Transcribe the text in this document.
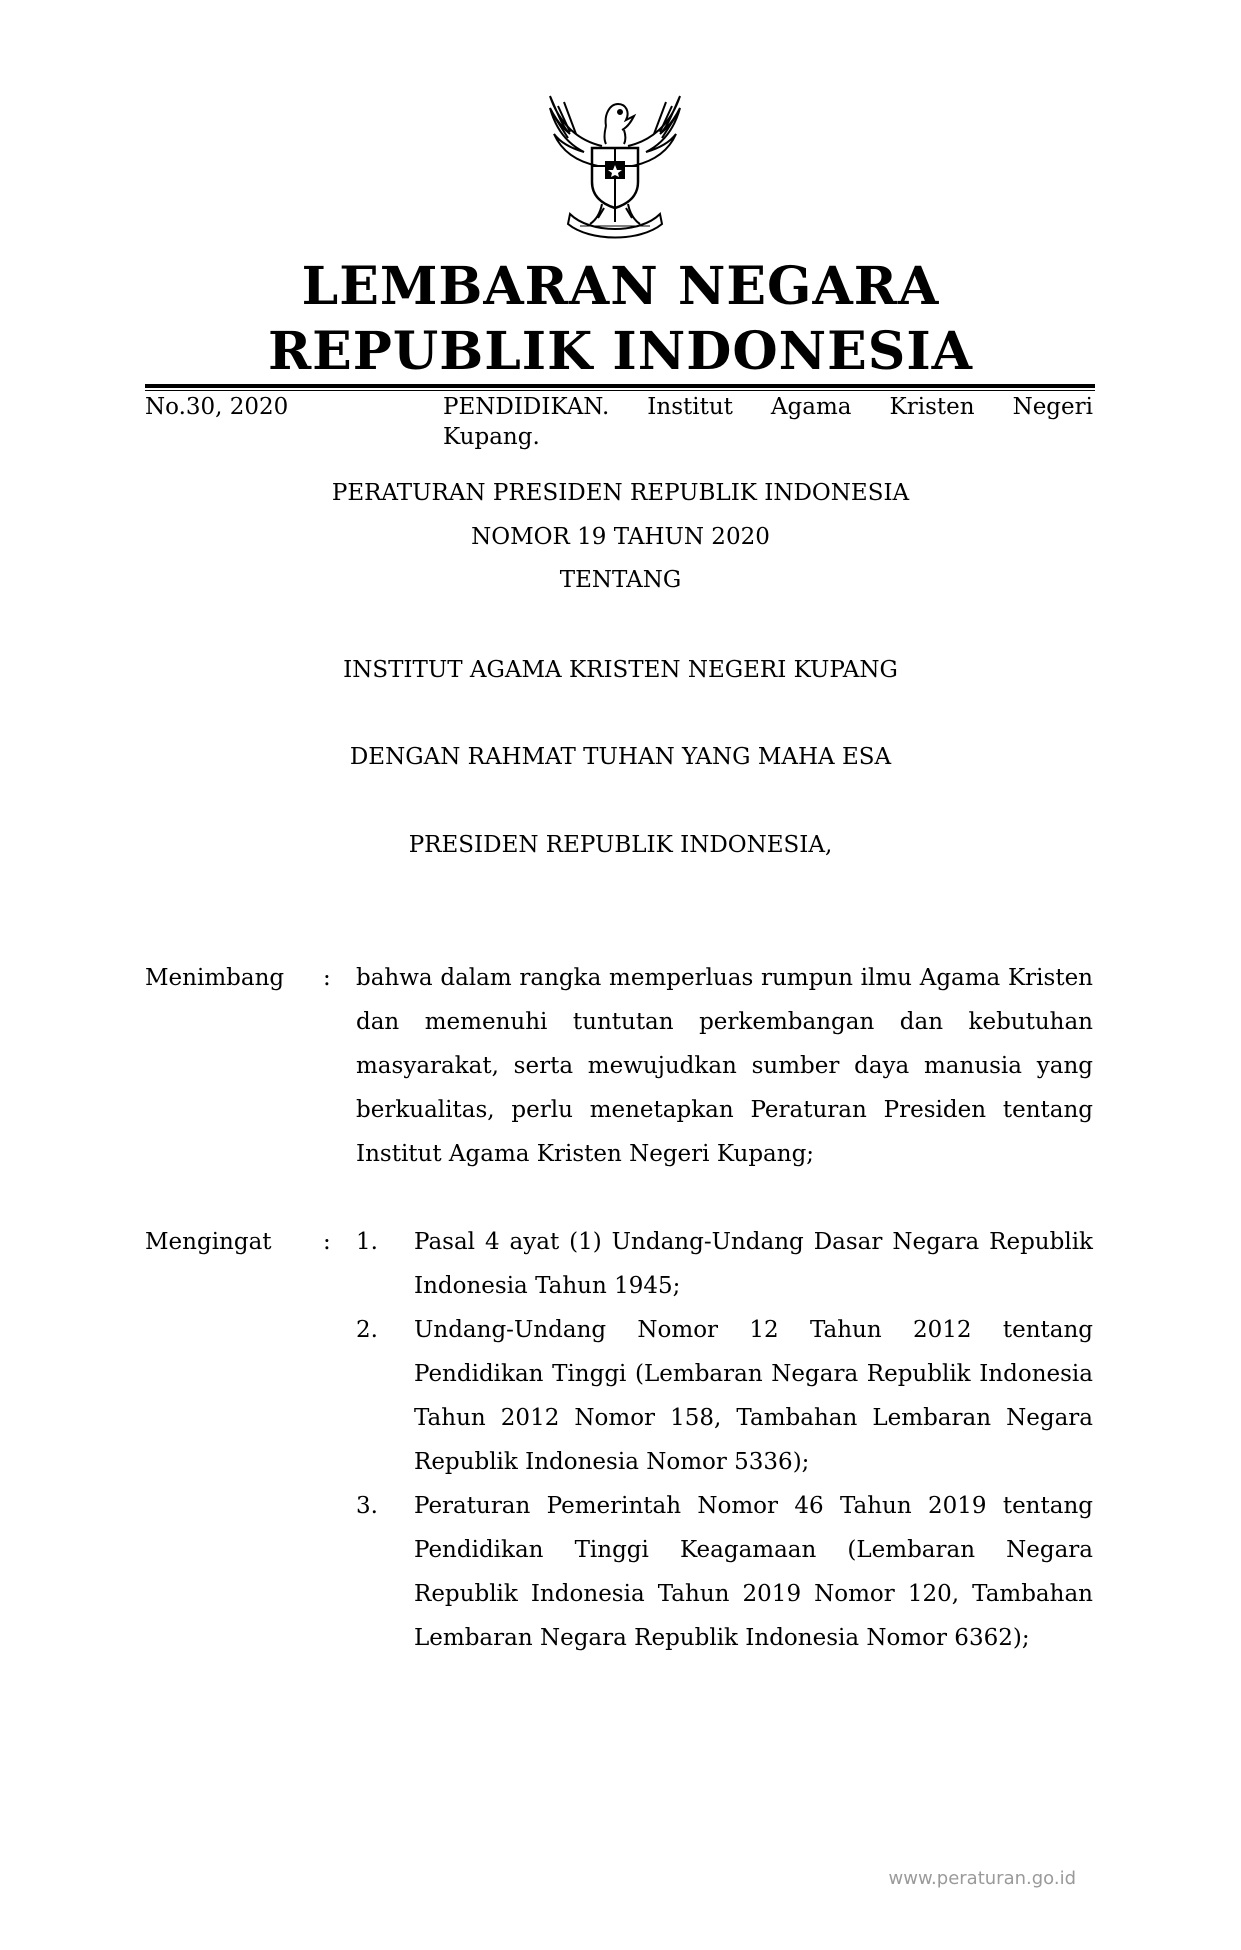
LEMBARAN NEGARA
REPUBLIK INDONESIA
No.30, 2020	PENDIDIKAN. Institut Agama Kristen Negeri
Kupang.
PERATURAN PRESIDEN REPUBLIK INDONESIA
NOMOR 19 TAHUN 2020
TENTANG
INSTITUT AGAMA KRISTEN NEGERI KUPANG
DENGAN RAHMAT TUHAN YANG MAHA ESA
PRESIDEN REPUBLIK INDONESIA,
Menimbang : bahwa dalam rangka memperluas rumpun ilmu Agama Kristen dan memenuhi tuntutan perkembangan dan kebutuhan masyarakat, serta mewujudkan sumber daya manusia yang berkualitas, perlu menetapkan Peraturan Presiden tentang Institut Agama Kristen Negeri Kupang;
Mengingat : 1. Pasal 4 ayat (1) Undang-Undang Dasar Negara Republik Indonesia Tahun 1945;
2. Undang-Undang Nomor 12 Tahun 2012 tentang Pendidikan Tinggi (Lembaran Negara Republik Indonesia Tahun 2012 Nomor 158, Tambahan Lembaran Negara Republik Indonesia Nomor 5336);
3. Peraturan Pemerintah Nomor 46 Tahun 2019 tentang Pendidikan Tinggi Keagamaan (Lembaran Negara Republik Indonesia Tahun 2019 Nomor 120, Tambahan Lembaran Negara Republik Indonesia Nomor 6362);
www.peraturan.go.id
